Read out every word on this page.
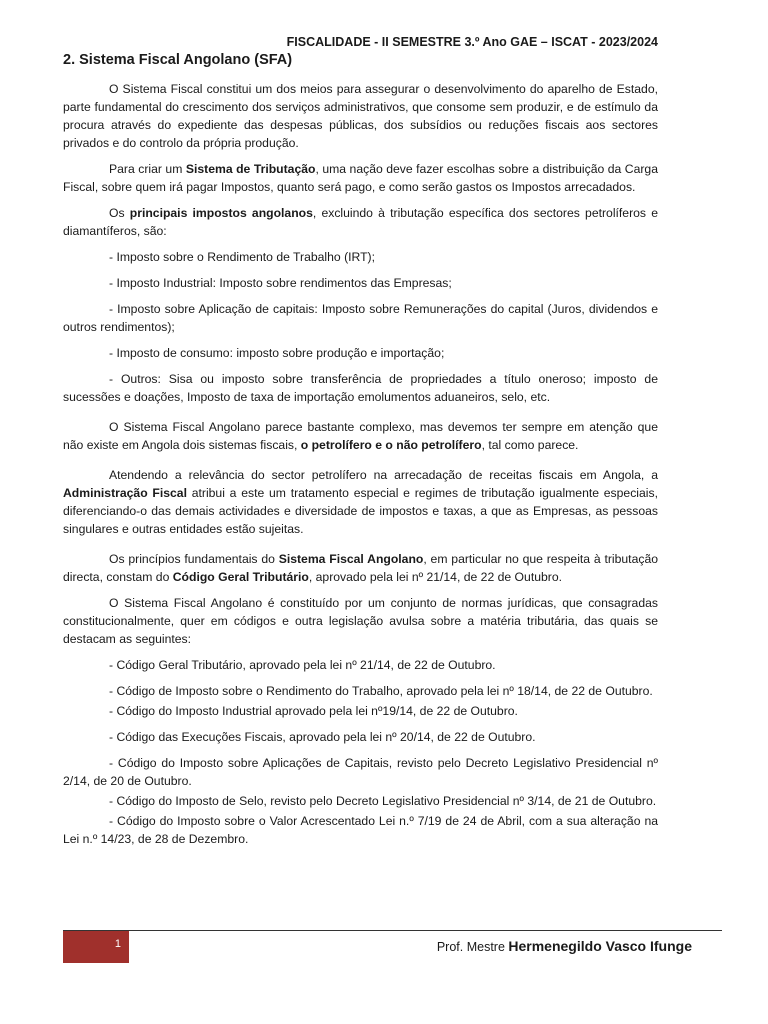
FISCALIDADE - II SEMESTRE 3.º Ano GAE – ISCAT - 2023/2024
2. Sistema Fiscal Angolano (SFA)

O Sistema Fiscal constitui um dos meios para assegurar o desenvolvimento do aparelho de Estado, parte fundamental do crescimento dos serviços administrativos, que consome sem produzir, e de estímulo da procura através do expediente das despesas públicas, dos subsídios ou reduções fiscais aos sectores privados e do controlo da própria produção.

Para criar um Sistema de Tributação, uma nação deve fazer escolhas sobre a distribuição da Carga Fiscal, sobre quem irá pagar Impostos, quanto será pago, e como serão gastos os Impostos arrecadados.

Os principais impostos angolanos, excluindo à tributação específica dos sectores petrolíferos e diamantíferos, são:

- Imposto sobre o Rendimento de Trabalho (IRT);

- Imposto Industrial: Imposto sobre rendimentos das Empresas;

- Imposto sobre Aplicação de capitais: Imposto sobre Remunerações do capital (Juros, dividendos e outros rendimentos);

- Imposto de consumo: imposto sobre produção e importação;

- Outros: Sisa ou imposto sobre transferência de propriedades a título oneroso; imposto de sucessões e doações, Imposto de taxa de importação emolumentos aduaneiros, selo, etc.

O Sistema Fiscal Angolano parece bastante complexo, mas devemos ter sempre em atenção que não existe em Angola dois sistemas fiscais, o petrolífero e o não petrolífero, tal como parece.

Atendendo a relevância do sector petrolífero na arrecadação de receitas fiscais em Angola, a Administração Fiscal atribui a este um tratamento especial e regimes de tributação igualmente especiais, diferenciando-o das demais actividades e diversidade de impostos e taxas, a que as Empresas, as pessoas singulares e outras entidades estão sujeitas.

Os princípios fundamentais do Sistema Fiscal Angolano, em particular no que respeita à tributação directa, constam do Código Geral Tributário, aprovado pela lei nº 21/14, de 22 de Outubro.

O Sistema Fiscal Angolano é constituído por um conjunto de normas jurídicas, que consagradas constitucionalmente, quer em códigos e outra legislação avulsa sobre a matéria tributária, das quais se destacam as seguintes:

- Código Geral Tributário, aprovado pela lei nº 21/14, de 22 de Outubro.

- Código de Imposto sobre o Rendimento do Trabalho, aprovado pela lei nº 18/14, de 22 de Outubro.

- Código do Imposto Industrial aprovado pela lei nº19/14, de 22 de Outubro.

- Código das Execuções Fiscais, aprovado pela lei nº 20/14, de 22 de Outubro.

- Código do Imposto sobre Aplicações de Capitais, revisto pelo Decreto Legislativo Presidencial nº 2/14, de 20 de Outubro.

- Código do Imposto de Selo, revisto pelo Decreto Legislativo Presidencial nº 3/14, de 21 de Outubro.

- Código do Imposto sobre o Valor Acrescentado Lei n.º 7/19 de 24 de Abril, com a sua alteração na Lei n.º 14/23, de 28 de Dezembro.

1	Prof. Mestre Hermenegildo Vasco Ifunge
